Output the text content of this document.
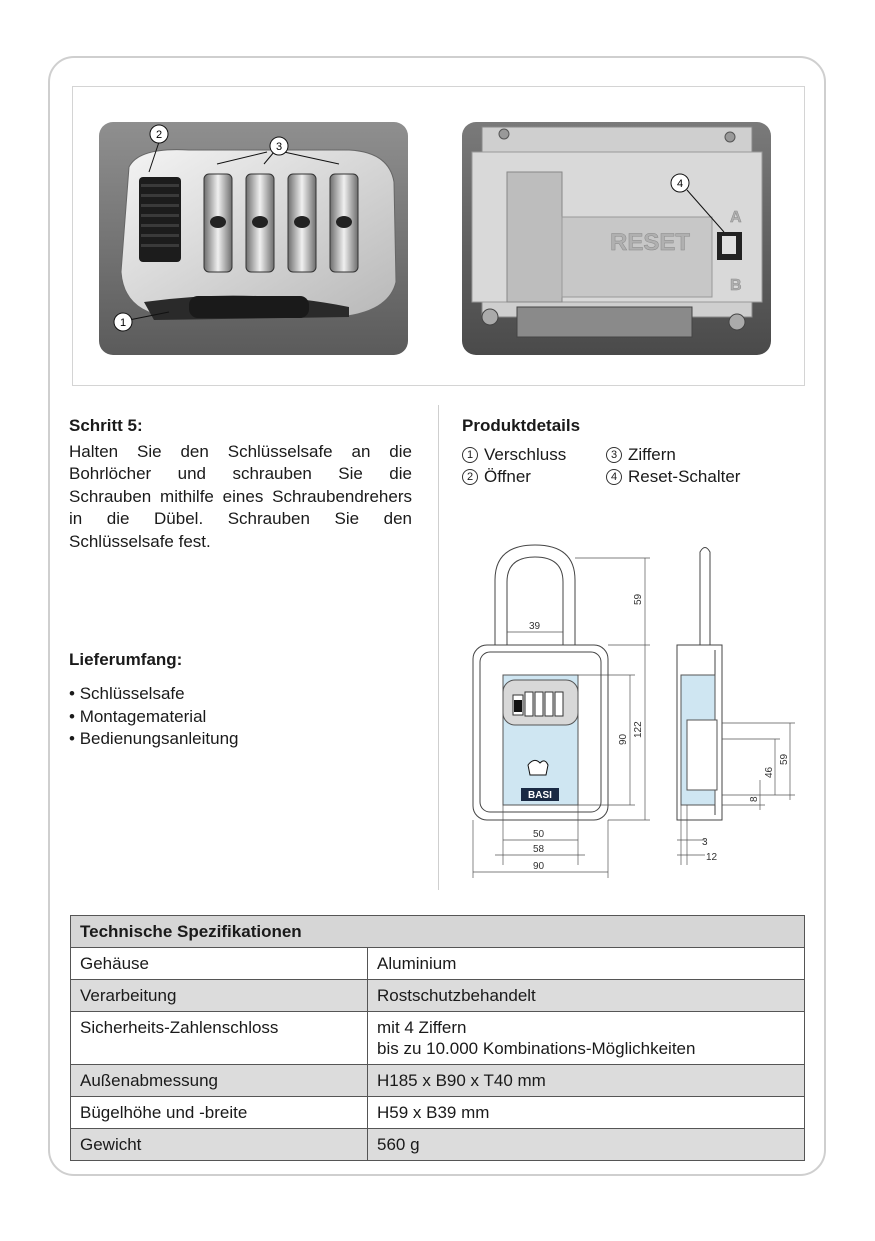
2
3
1
RESET
A
B
4
Schritt 5:
Halten Sie den Schlüsselsafe an die Bohrlöcher und schrauben Sie die Schrauben mithilfe eines Schraubendrehers in die Dübel. Schrauben Sie den Schlüsselsafe fest.
Produktdetails
1 Verschluss
2 Öffner
3 Ziffern
4 Reset-Schalter
Lieferumfang:
• Schlüsselsafe
• Montagematerial
• Bedienungsanleitung
BASI
59
39
90
122
50
58
90
59
46
8
3
12
Technische Spezifikationen	
Gehäuse	Aluminium
Verarbeitung	Rostschutzbehandelt
Sicherheits-Zahlenschloss	mit 4 Ziffern
bis zu 10.000 Kombinations-Möglichkeiten

Außenabmessung	H185 x B90 x T40 mm
Bügelhöhe und -breite	H59 x B39 mm
Gewicht	560 g
